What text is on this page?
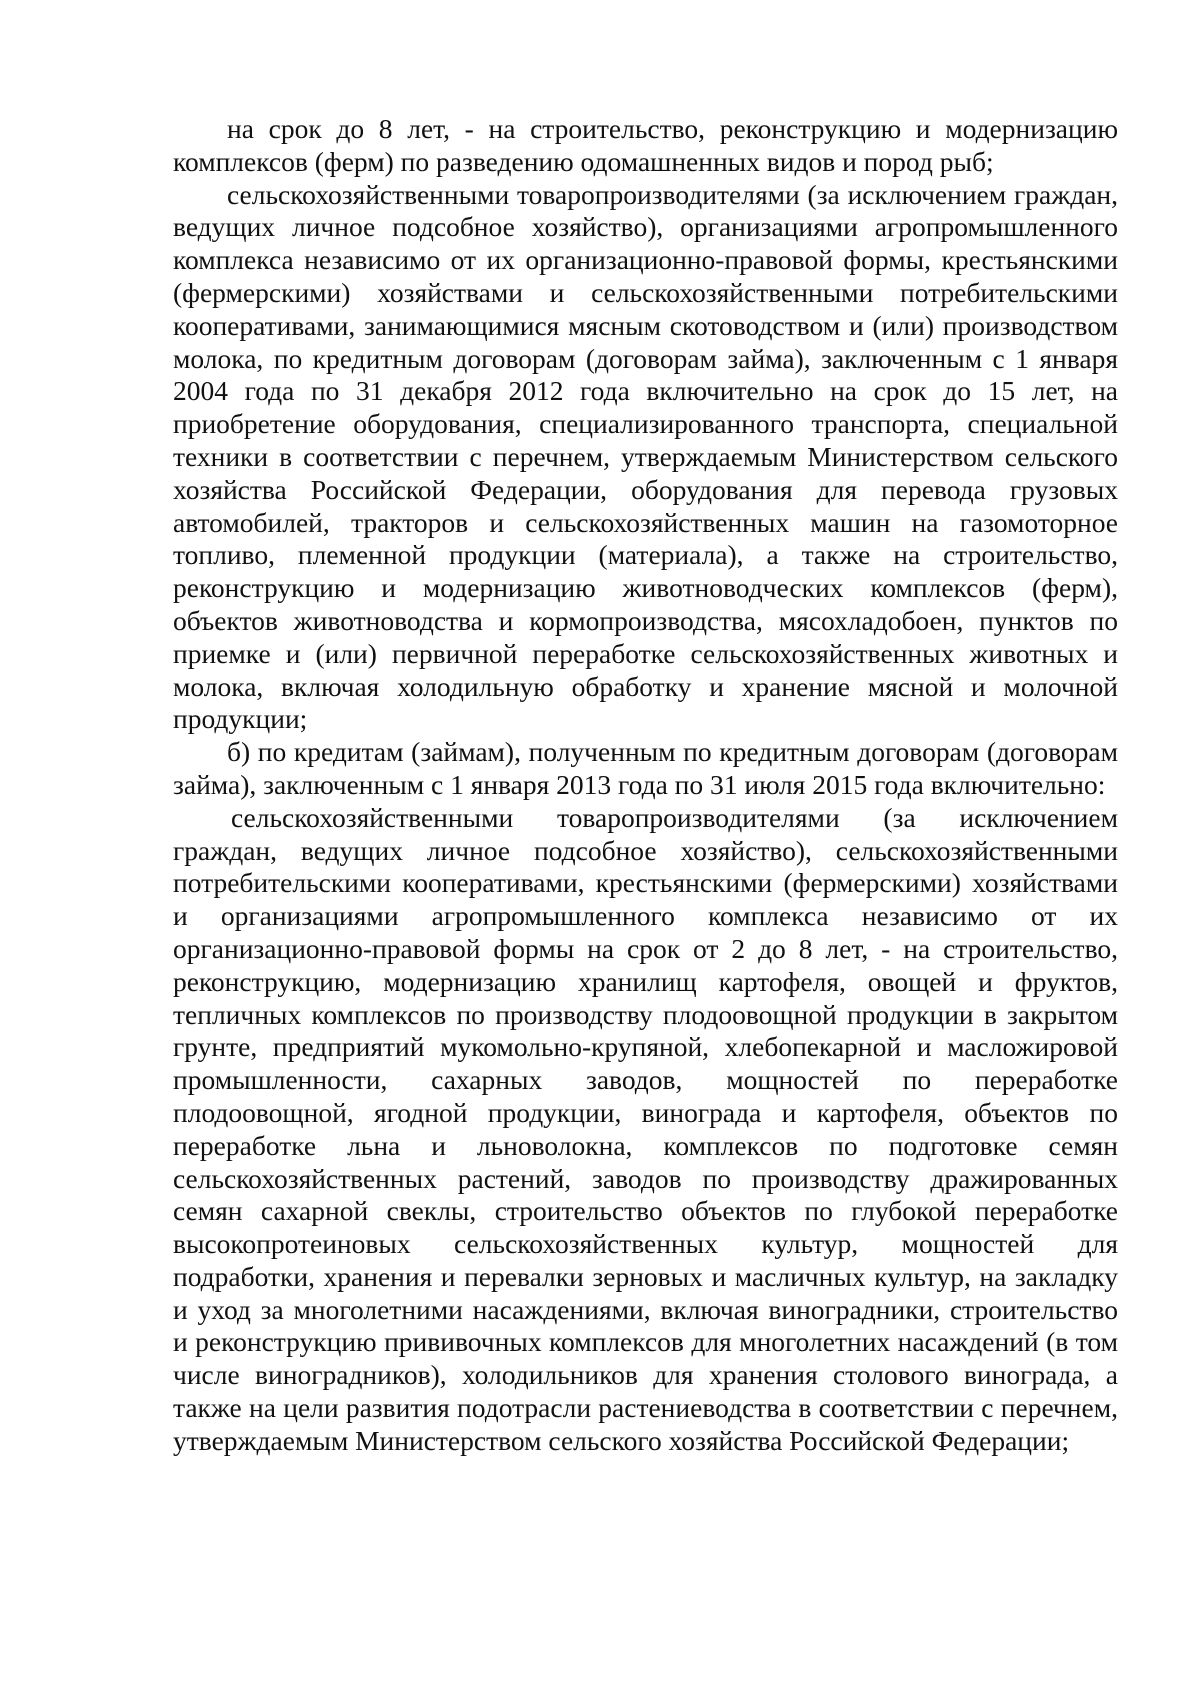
на срок до 8 лет, - на строительство, реконструкцию и модернизацию комплексов (ферм) по разведению одомашненных видов и пород рыб;

сельскохозяйственными товаропроизводителями (за исключением граждан, ведущих личное подсобное хозяйство), организациями агропромышленного комплекса независимо от их организационно-правовой формы, крестьянскими (фермерскими) хозяйствами и сельскохозяйственными потребительскими кооперативами, занимающимися мясным скотоводством и (или) производством молока, по кредитным договорам (договорам займа), заключенным с 1 января 2004 года по 31 декабря 2012 года включительно на срок до 15 лет, на приобретение оборудования, специализированного транспорта, специальной техники в соответствии с перечнем, утверждаемым Министерством сельского хозяйства Российской Федерации, оборудования для перевода грузовых автомобилей, тракторов и сельскохозяйственных машин на газомоторное топливо, племенной продукции (материала), а также на строительство, реконструкцию и модернизацию животноводческих комплексов (ферм), объектов животноводства и кормопроизводства, мясохладобоен, пунктов по приемке и (или) первичной переработке сельскохозяйственных животных и молока, включая холодильную обработку и хранение мясной и молочной продукции;

б) по кредитам (займам), полученным по кредитным договорам (договорам займа), заключенным с 1 января 2013 года по 31 июля 2015 года включительно:

сельскохозяйственными товаропроизводителями (за исключением граждан, ведущих личное подсобное хозяйство), сельскохозяйственными потребительскими кооперативами, крестьянскими (фермерскими) хозяйствами и организациями агропромышленного комплекса независимо от их организационно-правовой формы на срок от 2 до 8 лет, - на строительство, реконструкцию, модернизацию хранилищ картофеля, овощей и фруктов, тепличных комплексов по производству плодоовощной продукции в закрытом грунте, предприятий мукомольно-крупяной, хлебопекарной и масложировой промышленности, сахарных заводов, мощностей по переработке плодоовощной, ягодной продукции, винограда и картофеля, объектов по переработке льна и льноволокна, комплексов по подготовке семян сельскохозяйственных растений, заводов по производству дражированных семян сахарной свеклы, строительство объектов по глубокой переработке высокопротеиновых сельскохозяйственных культур, мощностей для подработки, хранения и перевалки зерновых и масличных культур, на закладку и уход за многолетними насаждениями, включая виноградники, строительство и реконструкцию прививочных комплексов для многолетних насаждений (в том числе виноградников), холодильников для хранения столового винограда, а также на цели развития подотрасли растениеводства в соответствии с перечнем, утверждаемым Министерством сельского хозяйства Российской Федерации;
